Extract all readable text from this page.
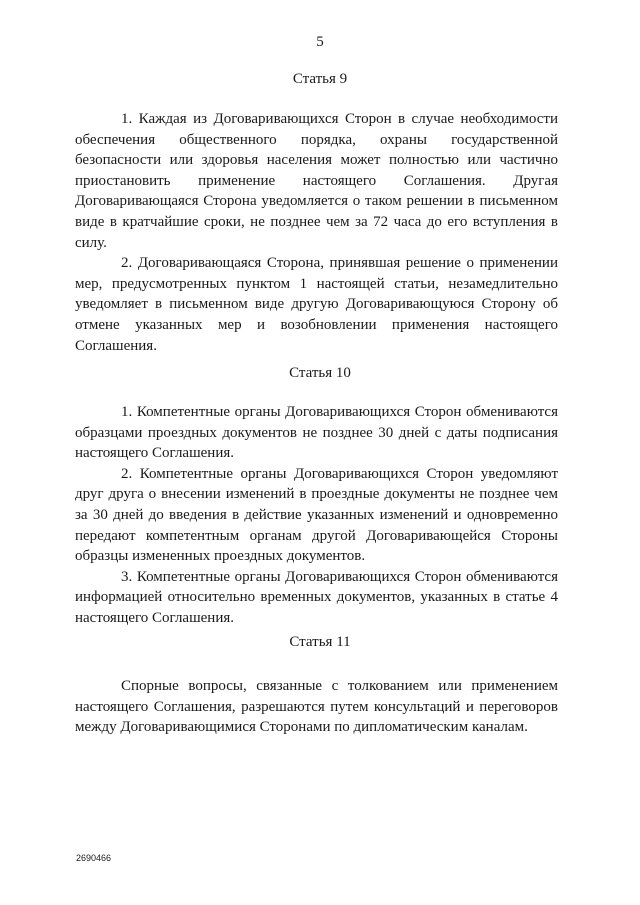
5
Статья 9

1. Каждая из Договаривающихся Сторон в случае необходимости обеспечения общественного порядка, охраны государственной безопасности или здоровья населения может полностью или частично приостановить применение настоящего Соглашения. Другая Договаривающаяся Сторона уведомляется о таком решении в письменном виде в кратчайшие сроки, не позднее чем за 72 часа до его вступления в силу.

2. Договаривающаяся Сторона, принявшая решение о применении мер, предусмотренных пунктом 1 настоящей статьи, незамедлительно уведомляет в письменном виде другую Договаривающуюся Сторону об отмене указанных мер и возобновлении применения настоящего Соглашения.

Статья 10

1. Компетентные органы Договаривающихся Сторон обмениваются образцами проездных документов не позднее 30 дней с даты подписания настоящего Соглашения.

2. Компетентные органы Договаривающихся Сторон уведомляют друг друга о внесении изменений в проездные документы не позднее чем за 30 дней до введения в действие указанных изменений и одновременно передают компетентным органам другой Договаривающейся Стороны образцы измененных проездных документов.

3. Компетентные органы Договаривающихся Сторон обмениваются информацией относительно временных документов, указанных в статье 4 настоящего Соглашения.

Статья 11

Спорные вопросы, связанные с толкованием или применением настоящего Соглашения, разрешаются путем консультаций и переговоров между Договаривающимися Сторонами по дипломатическим каналам.

2690466
